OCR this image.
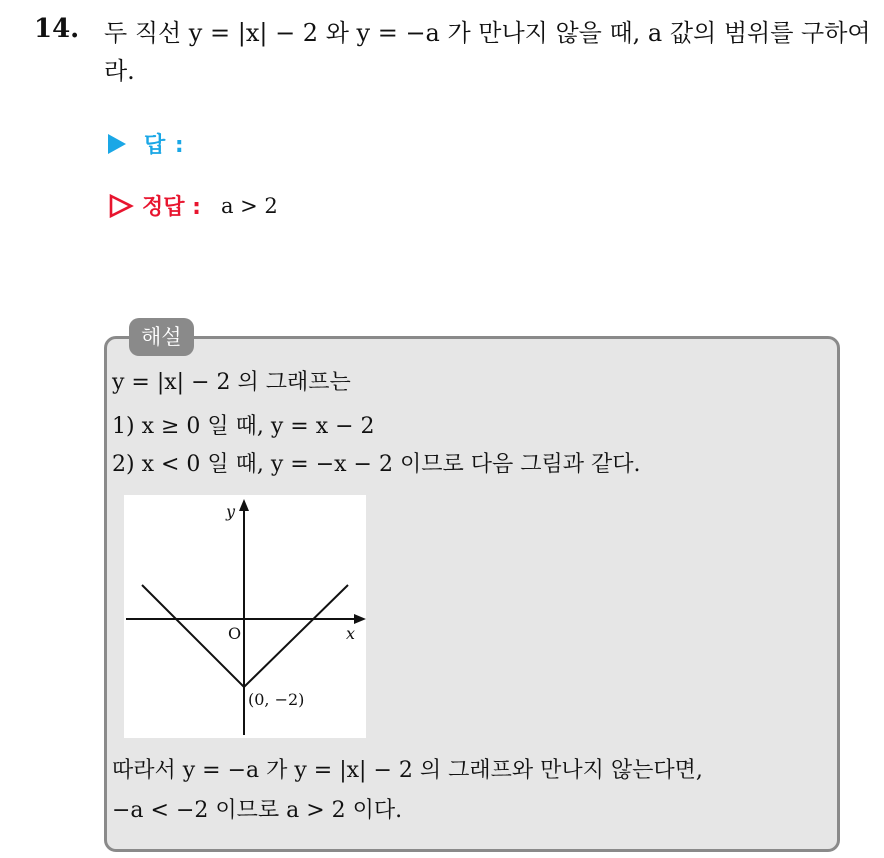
14. 두 직선 y = |x| − 2 와 y = −a 가 만나지 않을 때, a 값의 범위를 구하여라.
답 :
정답 : a > 2
해설
y = |x| − 2 의 그래프는
1) x ≥ 0 일 때, y = x − 2
2) x < 0 일 때, y = −x − 2 이므로 다음 그림과 같다.
y
x
O
(0, −2)
따라서 y = −a 가 y = |x| − 2 의 그래프와 만나지 않는다면,
−a < −2 이므로 a > 2 이다.
